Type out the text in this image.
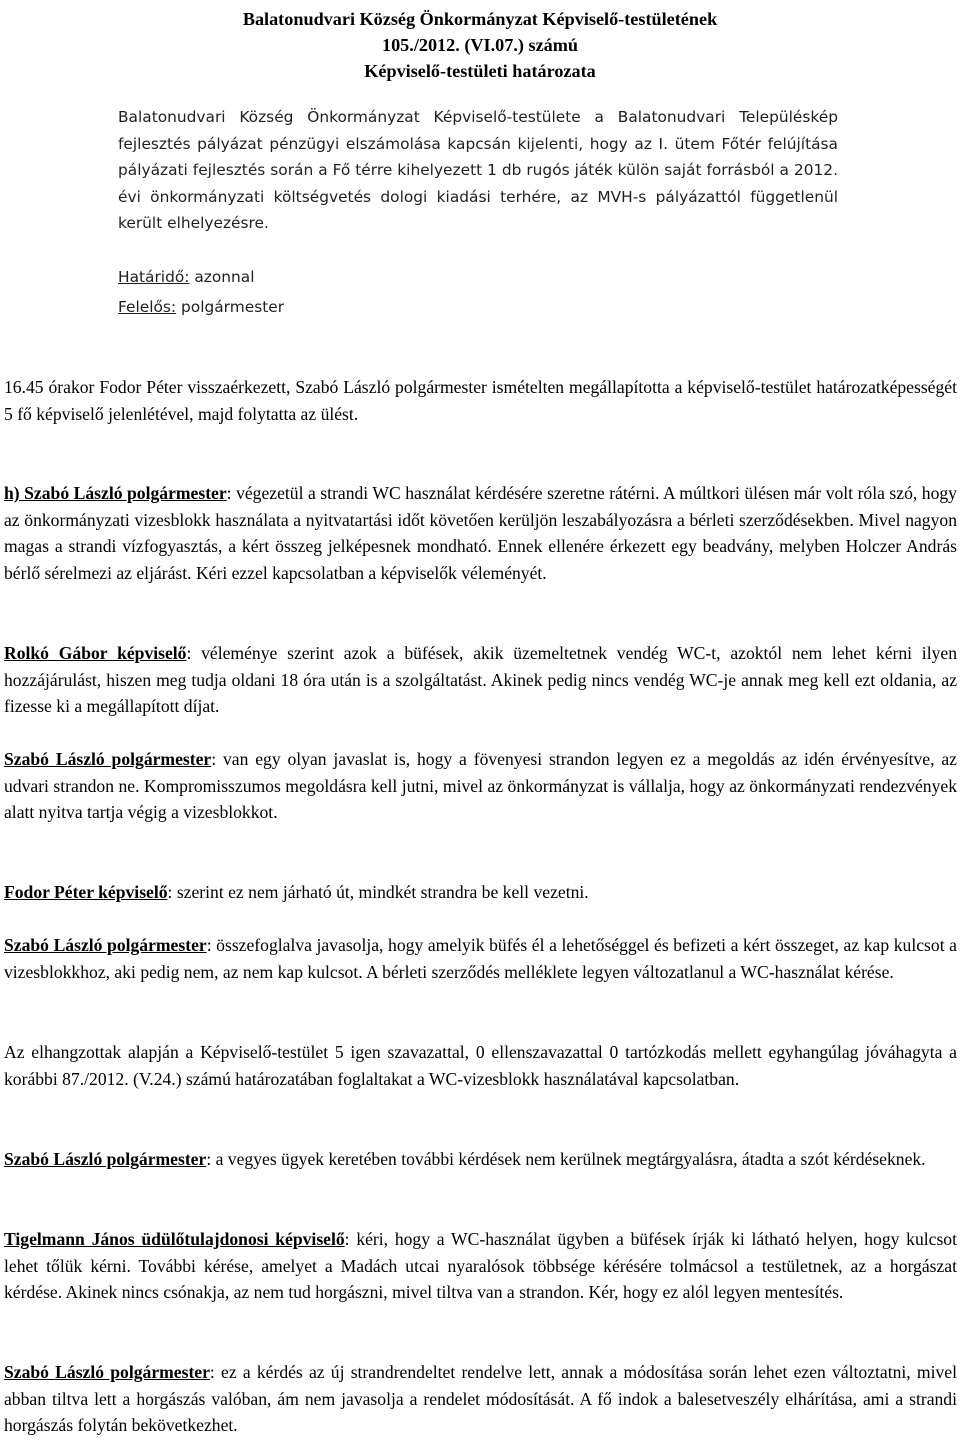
Balatonudvari Község Önkormányzat Képviselő-testületének
105./2012. (VI.07.) számú
Képviselő-testületi határozata
Balatonudvari Község Önkormányzat Képviselő-testülete a Balatonudvari Településkép fejlesztés pályázat pénzügyi elszámolása kapcsán kijelenti, hogy az I. ütem Főtér felújítása pályázati fejlesztés során a Fő térre kihelyezett 1 db rugós játék külön saját forrásból a 2012. évi önkormányzati költségvetés dologi kiadási terhére, az MVH-s pályázattól függetlenül került elhelyezésre.
Határidő: azonnal
Felelős: polgármester
16.45 órakor Fodor Péter visszaérkezett, Szabó László polgármester ismételten megállapította a képviselő-testület határozatképességét 5 fő képviselő jelenlétével, majd folytatta az ülést.
h) Szabó László polgármester: végezetül a strandi WC használat kérdésére szeretne rátérni. A múltkori ülésen már volt róla szó, hogy az önkormányzati vizesblokk használata a nyitvatartási időt követően kerüljön leszabályozásra a bérleti szerződésekben. Mivel nagyon magas a strandi vízfogyasztás, a kért összeg jelképesnek mondható. Ennek ellenére érkezett egy beadvány, melyben Holczer András bérlő sérelmezi az eljárást. Kéri ezzel kapcsolatban a képviselők véleményét.
Rolkó Gábor képviselő: véleménye szerint azok a büfések, akik üzemeltetnek vendég WC-t, azoktól nem lehet kérni ilyen hozzájárulást, hiszen meg tudja oldani 18 óra után is a szolgáltatást. Akinek pedig nincs vendég WC-je annak meg kell ezt oldania, az fizesse ki a megállapított díjat.
Szabó László polgármester: van egy olyan javaslat is, hogy a fövenyesi strandon legyen ez a megoldás az idén érvényesítve, az udvari strandon ne. Kompromisszumos megoldásra kell jutni, mivel az önkormányzat is vállalja, hogy az önkormányzati rendezvények alatt nyitva tartja végig a vizesblokkot.
Fodor Péter képviselő: szerint ez nem járható út, mindkét strandra be kell vezetni.
Szabó László polgármester: összefoglalva javasolja, hogy amelyik büfés él a lehetőséggel és befizeti a kért összeget, az kap kulcsot a vizesblokkhoz, aki pedig nem, az nem kap kulcsot. A bérleti szerződés melléklete legyen változatlanul a WC-használat kérése.
Az elhangzottak alapján a Képviselő-testület 5 igen szavazattal, 0 ellenszavazattal 0 tartózkodás mellett egyhangúlag jóváhagyta a korábbi 87./2012. (V.24.) számú határozatában foglaltakat a WC-vizesblokk használatával kapcsolatban.
Szabó László polgármester: a vegyes ügyek keretében további kérdések nem kerülnek megtárgyalásra, átadta a szót kérdéseknek.
Tigelmann János üdülőtulajdonosi képviselő: kéri, hogy a WC-használat ügyben a büfések írják ki látható helyen, hogy kulcsot lehet tőlük kérni. További kérése, amelyet a Madách utcai nyaralósok többsége kérésére tolmácsol a testületnek, az a horgászat kérdése. Akinek nincs csónakja, az nem tud horgászni, mivel tiltva van a strandon. Kér, hogy ez alól legyen mentesítés.
Szabó László polgármester: ez a kérdés az új strandrendeltet rendelve lett, annak a módosítása során lehet ezen változtatni, mivel abban tiltva lett a horgászás valóban, ám nem javasolja a rendelet módosítását. A fő indok a balesetveszély elhárítása, ami a strandi horgászás folytán bekövetkezhet.
